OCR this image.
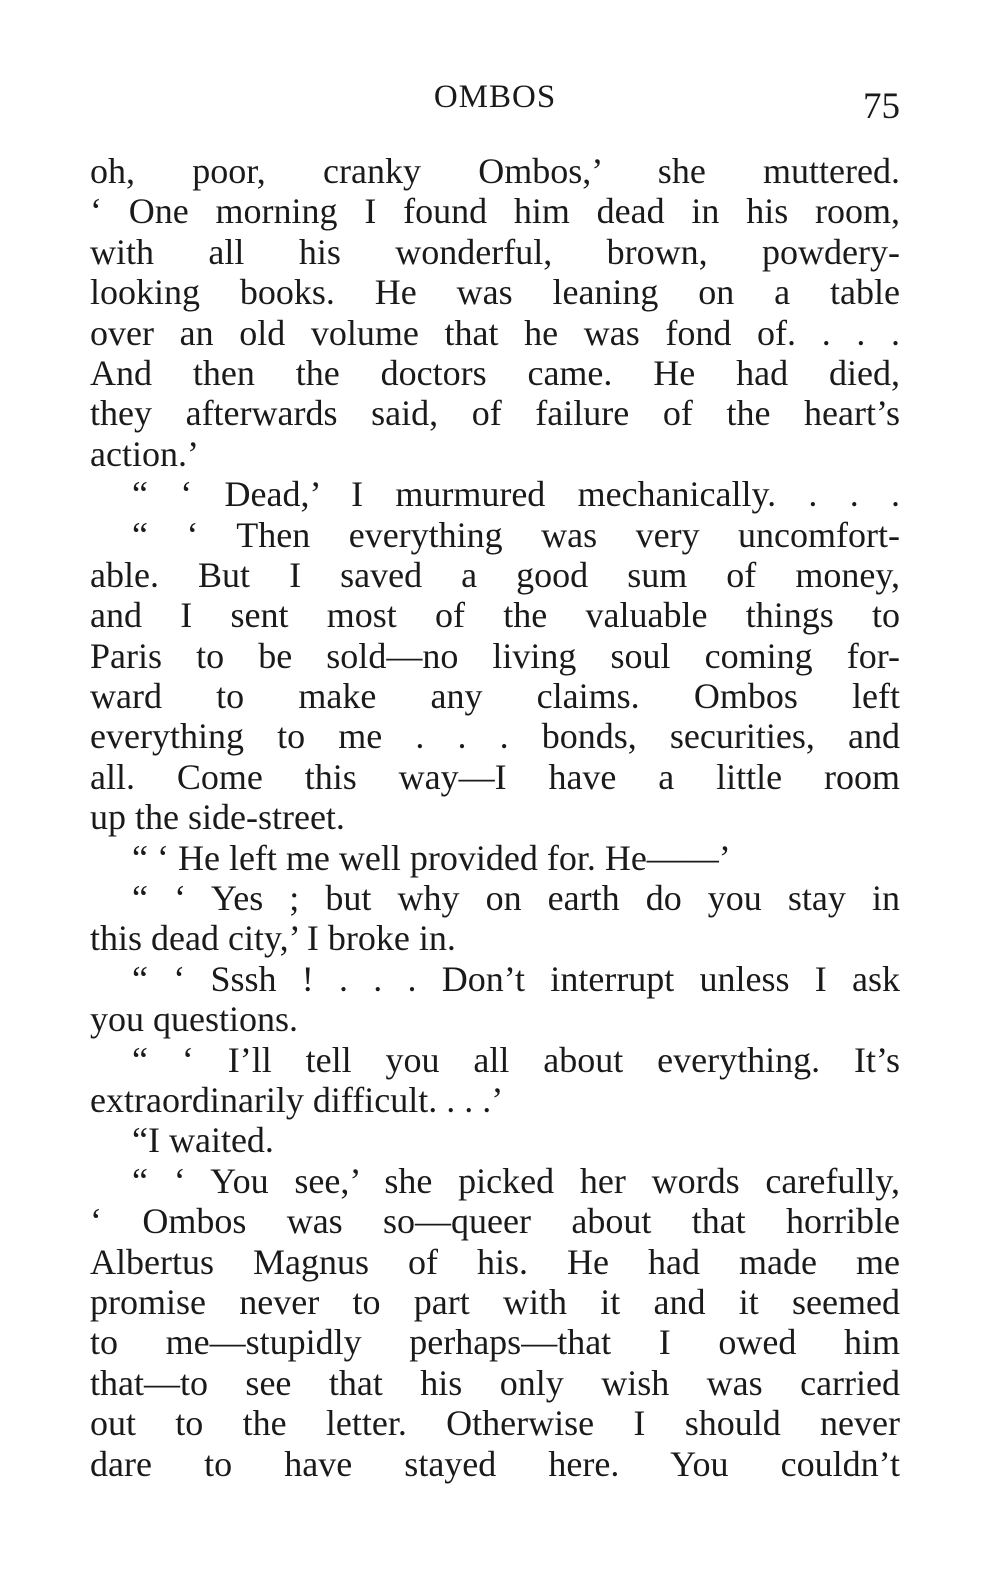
OMBOS	75
oh, poor, cranky Ombos,’ she muttered.
‘ One morning I found him dead in his room,
with all his wonderful, brown, powdery-
looking books. He was leaning on a table
over an old volume that he was fond of. . . .
And then the doctors came. He had died,
they afterwards said, of failure of the heart’s
action.’
“ ‘ Dead,’ I murmured mechanically. . . .
“ ‘ Then everything was very uncomfort-
able. But I saved a good sum of money,
and I sent most of the valuable things to
Paris to be sold—no living soul coming for-
ward to make any claims. Ombos left
everything to me . . . bonds, securities, and
all. Come this way—I have a little room
up the side-street.
“ ‘ He left me well provided for. He——’
“ ‘ Yes ; but why on earth do you stay in
this dead city,’ I broke in.
“ ‘ Sssh ! . . . Don’t interrupt unless I ask
you questions.
“ ‘ I’ll tell you all about everything. It’s
extraordinarily difficult. . . .’
“I waited.
“ ‘ You see,’ she picked her words carefully,
‘ Ombos was so—queer about that horrible
Albertus Magnus of his. He had made me
promise never to part with it and it seemed
to me—stupidly perhaps—that I owed him
that—to see that his only wish was carried
out to the letter. Otherwise I should never
dare to have stayed here. You couldn’t
